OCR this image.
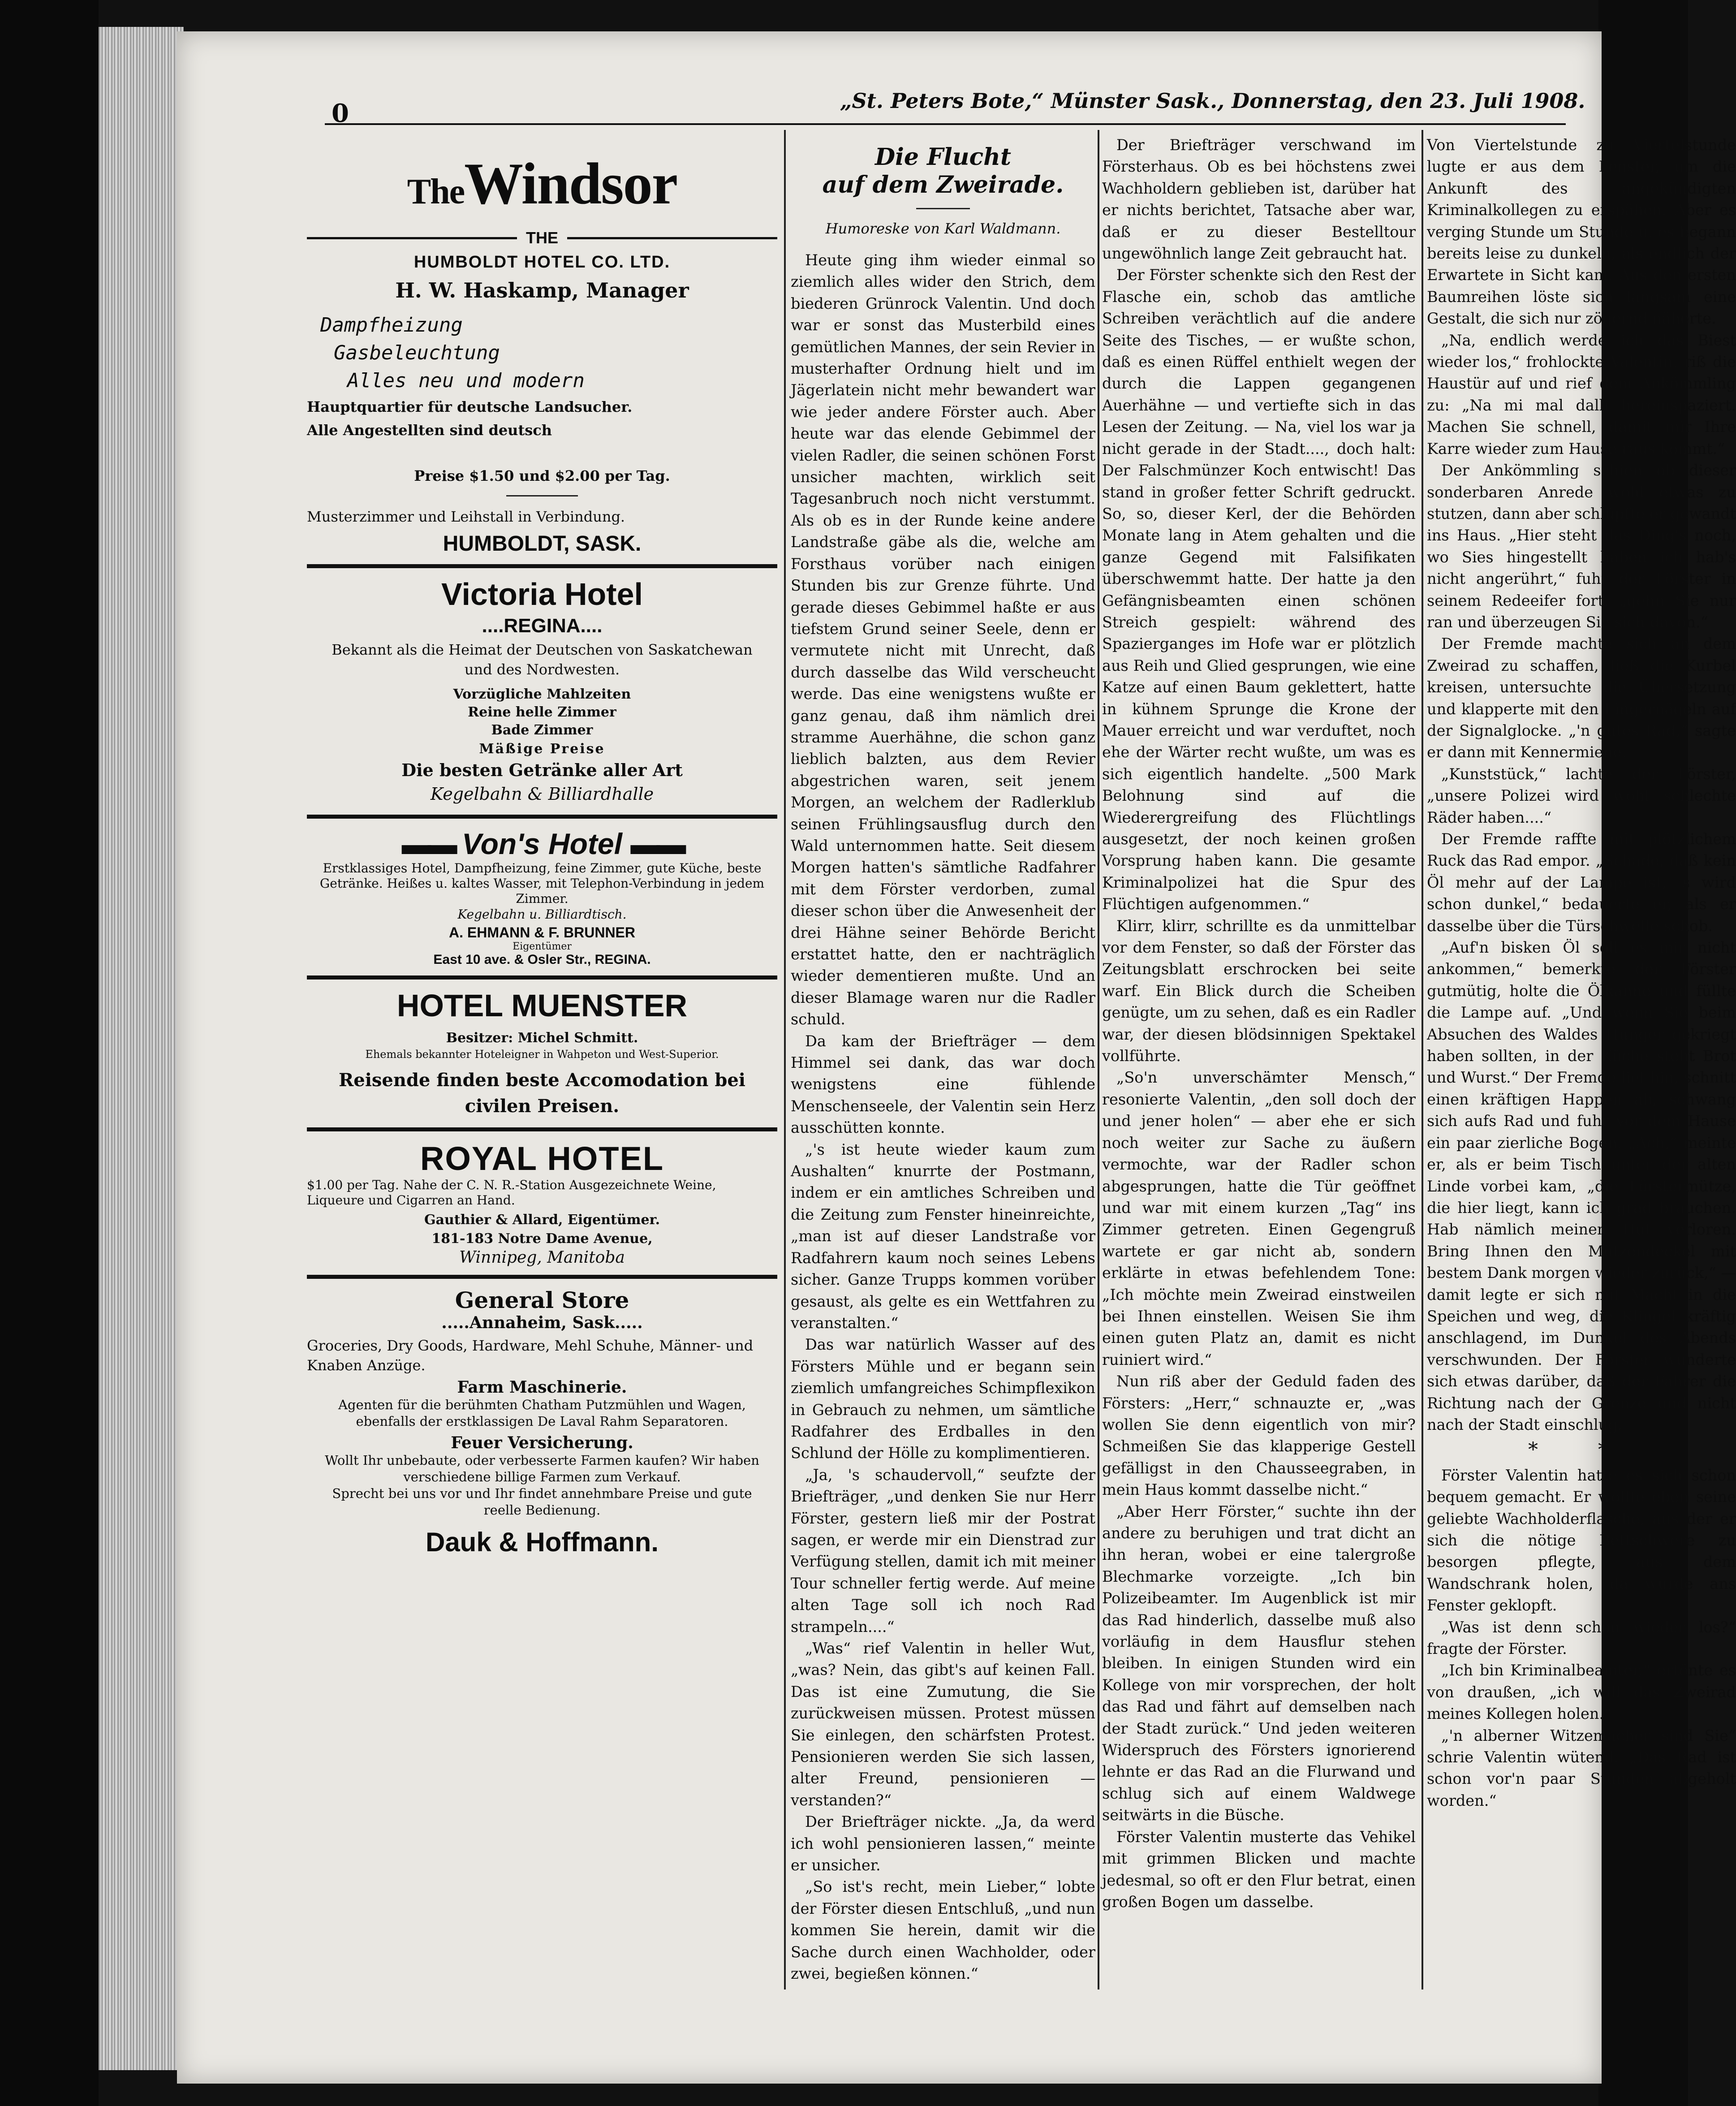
0	„St. Peters Bote,“ Münster Sask., Donnerstag, den 23. Juli 1908.
TheWindsor
THE
HUMBOLDT HOTEL CO. LTD.
H. W. Haskamp, Manager
Dampfheizung
Gasbeleuchtung
Alles neu und modern
Hauptquartier für deutsche Landsucher.
Alle Angestellten sind deutsch
Preise $1.50 und $2.00 per Tag.
Musterzimmer und Leihstall in Verbindung.
HUMBOLDT, SASK.
Victoria Hotel
....REGINA....
Bekannt als die Heimat der Deutschen von Saskatchewan und des Nordwesten.
Vorzügliche Mahlzeiten
Reine helle Zimmer
Bade Zimmer
Mäßige Preise
Die besten Getränke aller Art
Kegelbahn & Billiardhalle
▬▬ Von's Hotel ▬▬
Erstklassiges Hotel, Dampfheizung, feine Zimmer, gute Küche, beste Getränke. Heißes u. kaltes Wasser, mit Telephon-Verbindung in jedem Zimmer.
Kegelbahn u. Billiardtisch.
A. EHMANN & F. BRUNNER
Eigentümer
East 10 ave. & Osler Str., REGINA.
HOTEL MUENSTER
Besitzer: Michel Schmitt.
Ehemals bekannter Hoteleigner in Wahpeton und West-Superior.
Reisende finden beste Accomodation bei civilen Preisen.
ROYAL HOTEL
$1.00 per Tag. Nahe der C. N. R.-Station Ausgezeichnete Weine, Liqueure und Cigarren an Hand.
Gauthier & Allard, Eigentümer.
181-183 Notre Dame Avenue,
Winnipeg, Manitoba
General Store
.....Annaheim, Sask.....
Groceries, Dry Goods, Hardware, Mehl Schuhe, Männer- und Knaben Anzüge.
Farm Maschinerie.
Agenten für die berühmten Chatham Putzmühlen und Wagen, ebenfalls der erstklassigen De Laval Rahm Separatoren.
Feuer Versicherung.
Wollt Ihr unbebaute, oder verbesserte Farmen kaufen? Wir haben verschiedene billige Farmen zum Verkauf.
Sprecht bei uns vor und Ihr findet annehmbare Preise und gute reelle Bedienung.
Dauk & Hoffmann.
Die Flucht
auf dem Zweirade.
Humoreske von Karl Waldmann.

Heute ging ihm wieder einmal so ziemlich alles wider den Strich, dem biederen Grünrock Valentin. Und doch war er sonst das Musterbild eines gemütlichen Mannes, der sein Revier in musterhafter Ordnung hielt und im Jägerlatein nicht mehr bewandert war wie jeder andere Förster auch. Aber heute war das elende Gebimmel der vielen Radler, die seinen schönen Forst unsicher machten, wirklich seit Tagesanbruch noch nicht verstummt. Als ob es in der Runde keine andere Landstraße gäbe als die, welche am Forsthaus vorüber nach einigen Stunden bis zur Grenze führte. Und gerade dieses Gebimmel haßte er aus tiefstem Grund seiner Seele, denn er vermutete nicht mit Unrecht, daß durch dasselbe das Wild verscheucht werde. Das eine wenigstens wußte er ganz genau, daß ihm nämlich drei stramme Auerhähne, die schon ganz lieblich balzten, aus dem Revier abgestrichen waren, seit jenem Morgen, an welchem der Radlerklub seinen Frühlingsausflug durch den Wald unternommen hatte. Seit diesem Morgen hatten's sämtliche Radfahrer mit dem Förster verdorben, zumal dieser schon über die Anwesenheit der drei Hähne seiner Behörde Bericht erstattet hatte, den er nachträglich wieder dementieren mußte. Und an dieser Blamage waren nur die Radler schuld.

Da kam der Briefträger — dem Himmel sei dank, das war doch wenigstens eine fühlende Menschenseele, der Valentin sein Herz ausschütten konnte.

„'s ist heute wieder kaum zum Aushalten“ knurrte der Postmann, indem er ein amtliches Schreiben und die Zeitung zum Fenster hineinreichte, „man ist auf dieser Landstraße vor Radfahrern kaum noch seines Lebens sicher. Ganze Trupps kommen vorüber gesaust, als gelte es ein Wettfahren zu veranstalten.“

Das war natürlich Wasser auf des Försters Mühle und er begann sein ziemlich umfangreiches Schimpflexikon in Gebrauch zu nehmen, um sämtliche Radfahrer des Erdballes in den Schlund der Hölle zu komplimentieren.

„Ja, 's schaudervoll,“ seufzte der Briefträger, „und denken Sie nur Herr Förster, gestern ließ mir der Postrat sagen, er werde mir ein Dienstrad zur Verfügung stellen, damit ich mit meiner Tour schneller fertig werde. Auf meine alten Tage soll ich noch Rad strampeln....“

„Was“ rief Valentin in heller Wut, „was? Nein, das gibt's auf keinen Fall. Das ist eine Zumutung, die Sie zurückweisen müssen. Protest müssen Sie einlegen, den schärfsten Protest. Pensionieren werden Sie sich lassen, alter Freund, pensionieren — verstanden?“

Der Briefträger nickte. „Ja, da werd ich wohl pensionieren lassen,“ meinte er unsicher.

„So ist's recht, mein Lieber,“ lobte der Förster diesen Entschluß, „und nun kommen Sie herein, damit wir die Sache durch einen Wachholder, oder zwei, begießen können.“

Der Briefträger verschwand im Försterhaus. Ob es bei höchstens zwei Wachholdern geblieben ist, darüber hat er nichts berichtet, Tatsache aber war, daß er zu dieser Bestelltour ungewöhnlich lange Zeit gebraucht hat.

Der Förster schenkte sich den Rest der Flasche ein, schob das amtliche Schreiben verächtlich auf die andere Seite des Tisches, — er wußte schon, daß es einen Rüffel enthielt wegen der durch die Lappen gegangenen Auerhähne — und vertiefte sich in das Lesen der Zeitung. — Na, viel los war ja nicht gerade in der Stadt...., doch halt: Der Falschmünzer Koch entwischt! Das stand in großer fetter Schrift gedruckt. So, so, dieser Kerl, der die Behörden Monate lang in Atem gehalten und die ganze Gegend mit Falsifikaten überschwemmt hatte. Der hatte ja den Gefängnisbeamten einen schönen Streich gespielt: während des Spazierganges im Hofe war er plötzlich aus Reih und Glied gesprungen, wie eine Katze auf einen Baum geklettert, hatte in kühnem Sprunge die Krone der Mauer erreicht und war verduftet, noch ehe der Wärter recht wußte, um was es sich eigentlich handelte. „500 Mark Belohnung sind auf die Wiederergreifung des Flüchtlings ausgesetzt, der noch keinen großen Vorsprung haben kann. Die gesamte Kriminalpolizei hat die Spur des Flüchtigen aufgenommen.“

Klirr, klirr, schrillte es da unmittelbar vor dem Fenster, so daß der Förster das Zeitungsblatt erschrocken bei seite warf. Ein Blick durch die Scheiben genügte, um zu sehen, daß es ein Radler war, der diesen blödsinnigen Spektakel vollführte.

„So'n unverschämter Mensch,“ resonierte Valentin, „den soll doch der und jener holen“ — aber ehe er sich noch weiter zur Sache zu äußern vermochte, war der Radler schon abgesprungen, hatte die Tür geöffnet und war mit einem kurzen „Tag“ ins Zimmer getreten. Einen Gegengruß wartete er gar nicht ab, sondern erklärte in etwas befehlendem Tone: „Ich möchte mein Zweirad einstweilen bei Ihnen einstellen. Weisen Sie ihm einen guten Platz an, damit es nicht ruiniert wird.“

Nun riß aber der Geduld faden des Försters: „Herr,“ schnauzte er, „was wollen Sie denn eigentlich von mir? Schmeißen Sie das klapperige Gestell gefälligst in den Chausseegraben, in mein Haus kommt dasselbe nicht.“

„Aber Herr Förster,“ suchte ihn der andere zu beruhigen und trat dicht an ihn heran, wobei er eine talergroße Blechmarke vorzeigte. „Ich bin Polizeibeamter. Im Augenblick ist mir das Rad hinderlich, dasselbe muß also vorläufig in dem Hausflur stehen bleiben. In einigen Stunden wird ein Kollege von mir vorsprechen, der holt das Rad und fährt auf demselben nach der Stadt zurück.“ Und jeden weiteren Widerspruch des Försters ignorierend lehnte er das Rad an die Flurwand und schlug sich auf einem Waldwege seitwärts in die Büsche.

Förster Valentin musterte das Vehikel mit grimmen Blicken und machte jedesmal, so oft er den Flur betrat, einen großen Bogen um dasselbe.

Von Viertelstunde zu Viertelstunde lugte er aus dem Fenster, um die Ankunft des angekündigten Kriminalkollegen zu erspähen. Aber es verging Stunde um Stunde u. es begann bereits leise zu dunkeln, als endlich der Erwartete in Sicht kam. Aus den ersten Baumreihen löste sich langsam eine Gestalt, die sich nur zögernd näherte.

„Na, endlich werde ich das Biest wieder los,“ frohlockte Valentin, riß die Haustür auf und rief dem Ankömmling zu: „Na mi mal dalli hereinspaziert. Machen Sie schnell, damit mir Ihre Karre wieder zum Hause raus kommt.“

Der Ankömmling schien ob dieser sonderbaren Anrede wohl etwas zu stutzen, dann aber schlüpfte er gewandt ins Haus. „Hier steht das Ding's noch, wo Sies hingestellt haben ich hab's nicht angerührt,“ fuhr der Förster in seinem Redeeifer fort, „gehn Sie nur ran und überzeugen Sie sich davon.“

Der Fremde machte sich an dem Zweirad zu schaffen, ließ die Kurbel kreisen, untersuchte die Übersetzung und klapperte mit den Fingernägeln auf der Signalglocke. „'n gutes Rad,“ sagte er dann mit Kennermiene.

„Kunststück,“ lachte der Förster, „unsere Polizei wird wohl schlechte Räder haben....“

Der Fremde raffte mit plötzlichem Ruck das Rad empor. „Schade, daß kein Öl mehr auf der Lampe ist, 's wird schon dunkel,“ bedauerte er, als er dasselbe über die Türschwelle schob.

„Auf'n bisken Öl soll es mir nicht ankommen,“ bemerkte der Förster gutmütig, holte die Ölkanne und füllte die Lampe auf. „Und wenn Sie beim Absuchen des Waldes Hunger gekriegt haben sollten, in der Küche steht Brot und Wurst.“ Der Fremde lief hin, schnitt einen kräftigen Happen ab, schwang sich aufs Rad und fuhr vor dem Hause ein paar zierliche Bogen. „Ach,“ meinte er, als er beim Tisch unter der alten Linde vorbei kam, „die Förstermütze, die hier liegt, kann ich grad brauchen. Hab nämlich meinen Hut verloren. Bring Ihnen den Mützendeckel mit bestem Dank morgen wieder zurück,“ — damit legte er sich mit Macht in die Speichen und weg, die Klingel kräftig anschlagend, im Dunkel des Abends verschwunden. Der Förster wunderte sich etwas darüber, daß der Fahrer die Richtung nach der Grenze und nicht nach der Stadt einschlug.

* *

Förster Valentin hatte es sich schon bequem gemacht. Er wollte eben seine geliebte Wachholderflasche, aus der er sich die nötige Bettschwere zu besorgen pflegte, aus dem Wandschrank holen, da wurde ans Fenster geklopft.

„Was ist denn schon wieder los?“ fragte der Förster.

„Ich bin Kriminalbeamter,“ ertönte es von draußen, „ich will das Zweirad meines Kollegen holen.“

„'n alberner Witzemacher sind Sie“ schrie Valentin wütend. „Das Rad ist schon vor'n paar Stunden abgeholt worden.“
